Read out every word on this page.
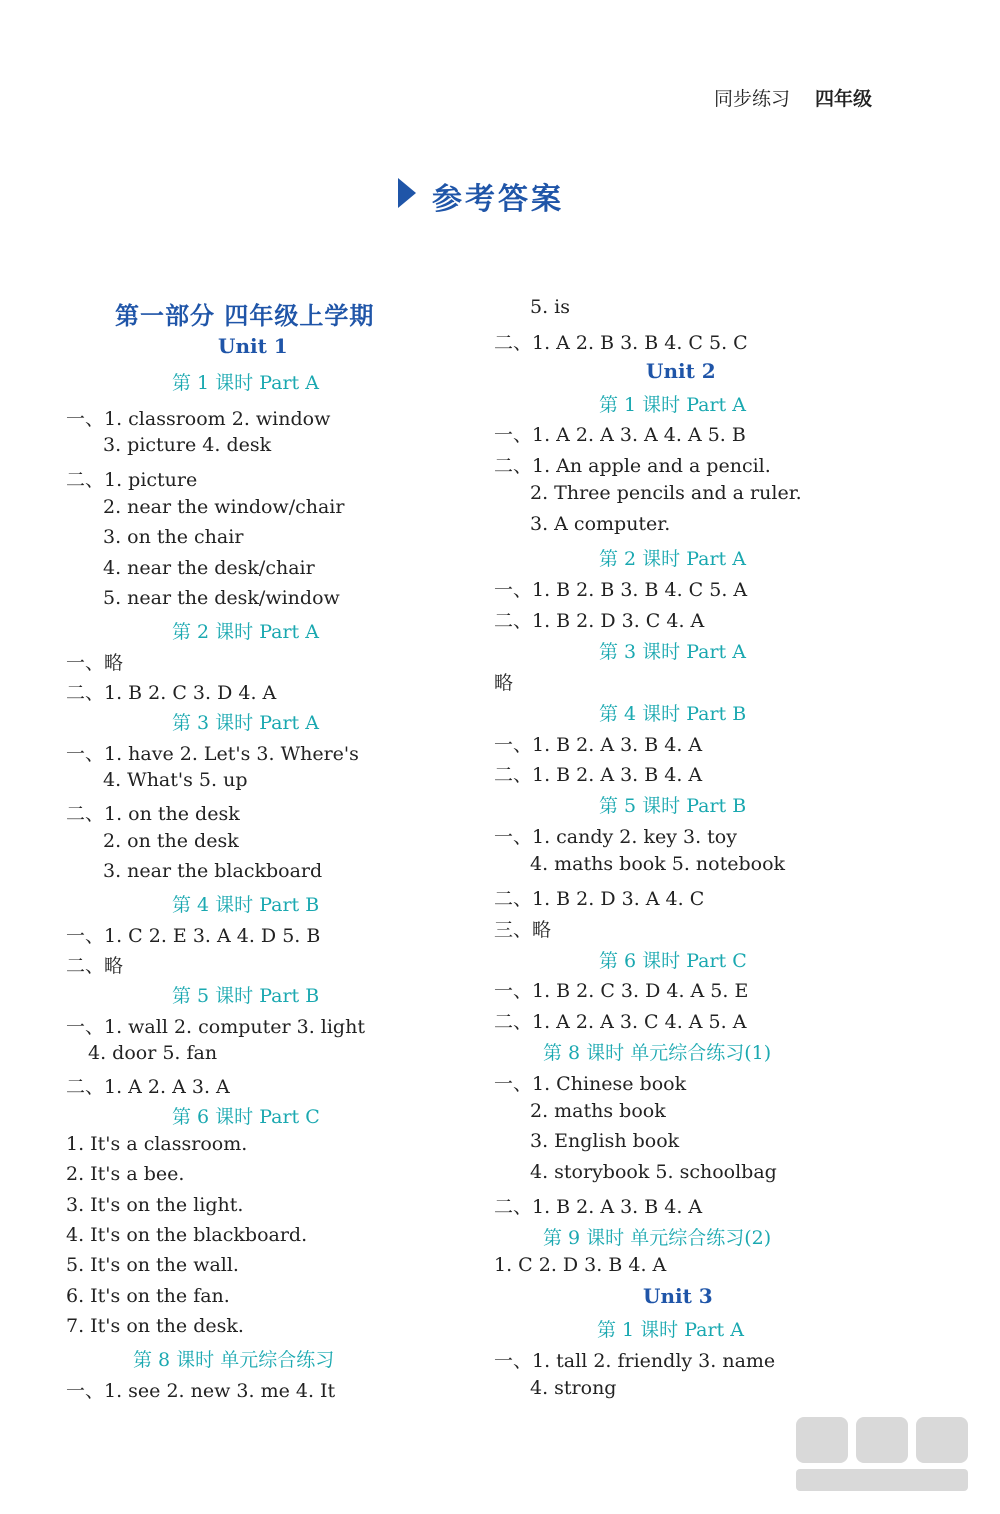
同步练习 四年级
参考答案
第一部分 四年级上学期
Unit 1
第 1 课时 Part A
一、1. classroom 2. window
3. picture 4. desk
二、1. picture
2. near the window/chair
3. on the chair
4. near the desk/chair
5. near the desk/window
第 2 课时 Part A
一、略
二、1. B 2. C 3. D 4. A
第 3 课时 Part A
一、1. have 2. Let's 3. Where's
4. What's 5. up
二、1. on the desk
2. on the desk
3. near the blackboard
第 4 课时 Part B
一、1. C 2. E 3. A 4. D 5. B
二、略
第 5 课时 Part B
一、1. wall 2. computer 3. light
4. door 5. fan
二、1. A 2. A 3. A
第 6 课时 Part C
1. It's a classroom.
2. It's a bee.
3. It's on the light.
4. It's on the blackboard.
5. It's on the wall.
6. It's on the fan.
7. It's on the desk.
第 8 课时 单元综合练习
一、1. see 2. new 3. me 4. It
5. is
二、1. A 2. B 3. B 4. C 5. C
Unit 2
第 1 课时 Part A
一、1. A 2. A 3. A 4. A 5. B
二、1. An apple and a pencil.
2. Three pencils and a ruler.
3. A computer.
第 2 课时 Part A
一、1. B 2. B 3. B 4. C 5. A
二、1. B 2. D 3. C 4. A
第 3 课时 Part A
略
第 4 课时 Part B
一、1. B 2. A 3. B 4. A
二、1. B 2. A 3. B 4. A
第 5 课时 Part B
一、1. candy 2. key 3. toy
4. maths book 5. notebook
二、1. B 2. D 3. A 4. C
三、略
第 6 课时 Part C
一、1. B 2. C 3. D 4. A 5. E
二、1. A 2. A 3. C 4. A 5. A
第 8 课时 单元综合练习(1)
一、1. Chinese book
2. maths book
3. English book
4. storybook 5. schoolbag
二、1. B 2. A 3. B 4. A
第 9 课时 单元综合练习(2)
1. C 2. D 3. B 4. A
Unit 3
第 1 课时 Part A
一、1. tall 2. friendly 3. name
4. strong
